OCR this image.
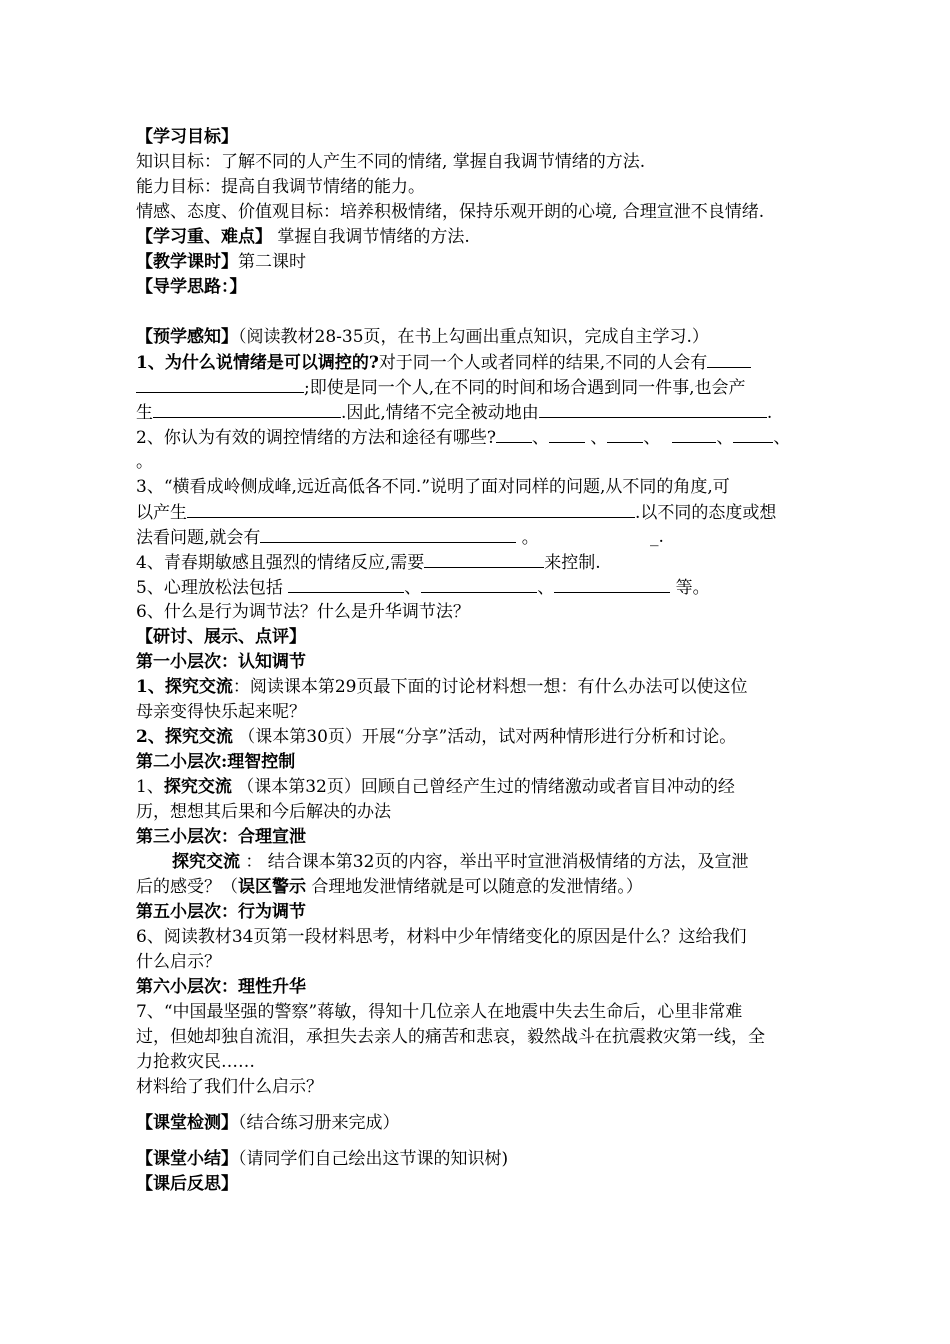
【学习目标】
知识目标：了解不同的人产生不同的情绪, 掌握自我调节情绪的方法.
能力目标：提高自我调节情绪的能力。
情感、态度、价值观目标：培养积极情绪，保持乐观开朗的心境, 合理宣泄不良情绪.
【学习重、难点】 掌握自我调节情绪的方法.
【教学课时】第二课时
【导学思路：】
【预学感知】（阅读教材28-35页，在书上勾画出重点知识，完成自主学习.）
1、为什么说情绪是可以调控的?对于同一个人或者同样的结果,不同的人会有
;即使是同一个人,在不同的时间和场合遇到同一件事,也会产
生	.因此,情绪不完全被动地由	.
2、你认为有效的调控情绪的方法和途径有哪些? 、 、 、	、 、
。
3、“横看成岭侧成峰,远近高低各不同.”说明了面对同样的问题,从不同的角度,可
以产生	.以不同的态度或想
法看问题,就会有	。	_.
4、青春期敏感且强烈的情绪反应,需要	来控制.
5、心理放松法包括	、	、	等。
6、什么是行为调节法？什么是升华调节法？
【研讨、展示、点评】
第一小层次：认知调节
1、探究交流：阅读课本第29页最下面的讨论材料想一想：有什么办法可以使这位
母亲变得快乐起来呢？
2、探究交流 （课本第30页）开展“分享”活动，试对两种情形进行分析和讨论。
第二小层次:理智控制
1、探究交流 （课本第32页）回顾自己曾经产生过的情绪激动或者盲目冲动的经
历，想想其后果和今后解决的办法
第三小层次：合理宣泄
探究交流 ： 结合课本第32页的内容，举出平时宣泄消极情绪的方法，及宣泄
后的感受？（误区警示 合理地发泄情绪就是可以随意的发泄情绪。）
第五小层次：行为调节
6、阅读教材34页第一段材料思考，材料中少年情绪变化的原因是什么？这给我们
什么启示？
第六小层次：理性升华
7、“中国最坚强的警察”蒋敏，得知十几位亲人在地震中失去生命后，心里非常难
过，但她却独自流泪，承担失去亲人的痛苦和悲哀，毅然战斗在抗震救灾第一线，全
力抢救灾民……
材料给了我们什么启示？
【课堂检测】（结合练习册来完成）
【课堂小结】（请同学们自己绘出这节课的知识树)
【课后反思】
